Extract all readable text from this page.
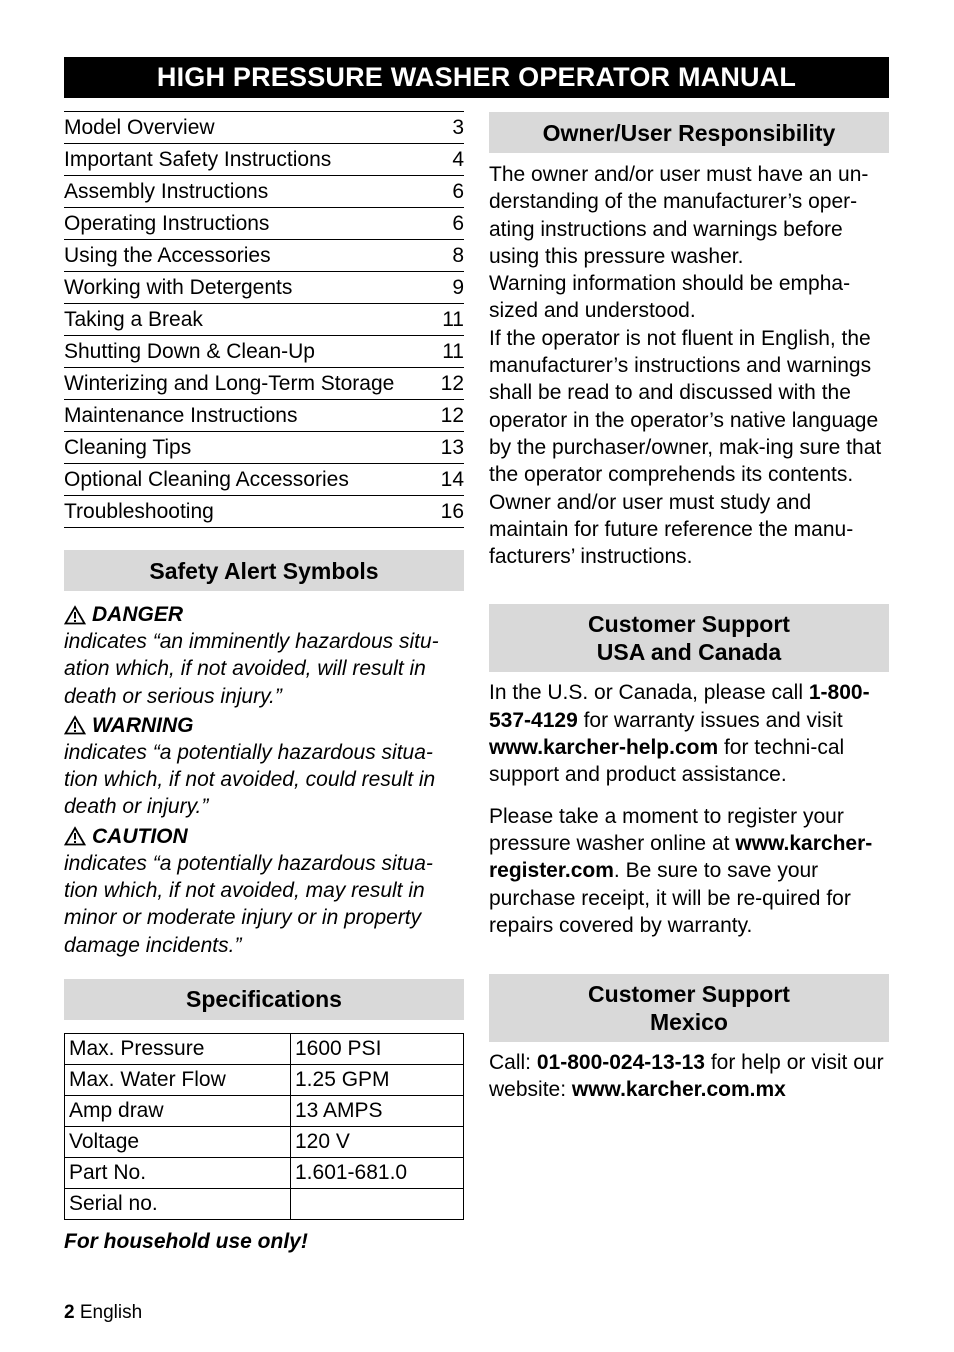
HIGH PRESSURE WASHER OPERATOR MANUAL
Model Overview	3
Important Safety Instructions	4
Assembly Instructions	6
Operating Instructions	6
Using the Accessories	8
Working with Detergents	9
Taking a Break	11
Shutting Down & Clean-Up	11
Winterizing and Long-Term Storage 12
Maintenance Instructions	12
Cleaning Tips	13
Optional Cleaning Accessories	14
Troubleshooting	16
Safety Alert Symbols
DANGER
indicates “an imminently hazardous situ-ation which, if not avoided, will result in death or serious injury.”
WARNING
indicates “a potentially hazardous situa-tion which, if not avoided, could result in death or injury.”
CAUTION
indicates “a potentially hazardous situa-tion which, if not avoided, may result in minor or moderate injury or in property damage incidents.”
Specifications
Max. Pressure	1600 PSI
Max. Water Flow	1.25 GPM
Amp draw	13 AMPS
Voltage	120 V
Part No.	1.601-681.0
Serial no.	
For household use only!
Owner/User Responsibility
The owner and/or user must have an un-derstanding of the manufacturer’s oper-ating instructions and warnings before using this pressure washer.
Warning information should be empha-sized and understood.
If the operator is not fluent in English, the manufacturer’s instructions and warnings shall be read to and discussed with the operator in the operator’s native language by the purchaser/owner, mak-ing sure that the operator comprehends its contents.
Owner and/or user must study and maintain for future reference the manu-facturers’ instructions.
Customer Support
USA and Canada
In the U.S. or Canada, please call 1-800-537-4129 for warranty issues and visit www.karcher-help.com for techni-cal support and product assistance.
Please take a moment to register your pressure washer online at www.karcher-register.com. Be sure to save your purchase receipt, it will be re-quired for repairs covered by warranty.
Customer Support
Mexico
Call: 01-800-024-13-13 for help or visit our website: www.karcher.com.mx
2 English
